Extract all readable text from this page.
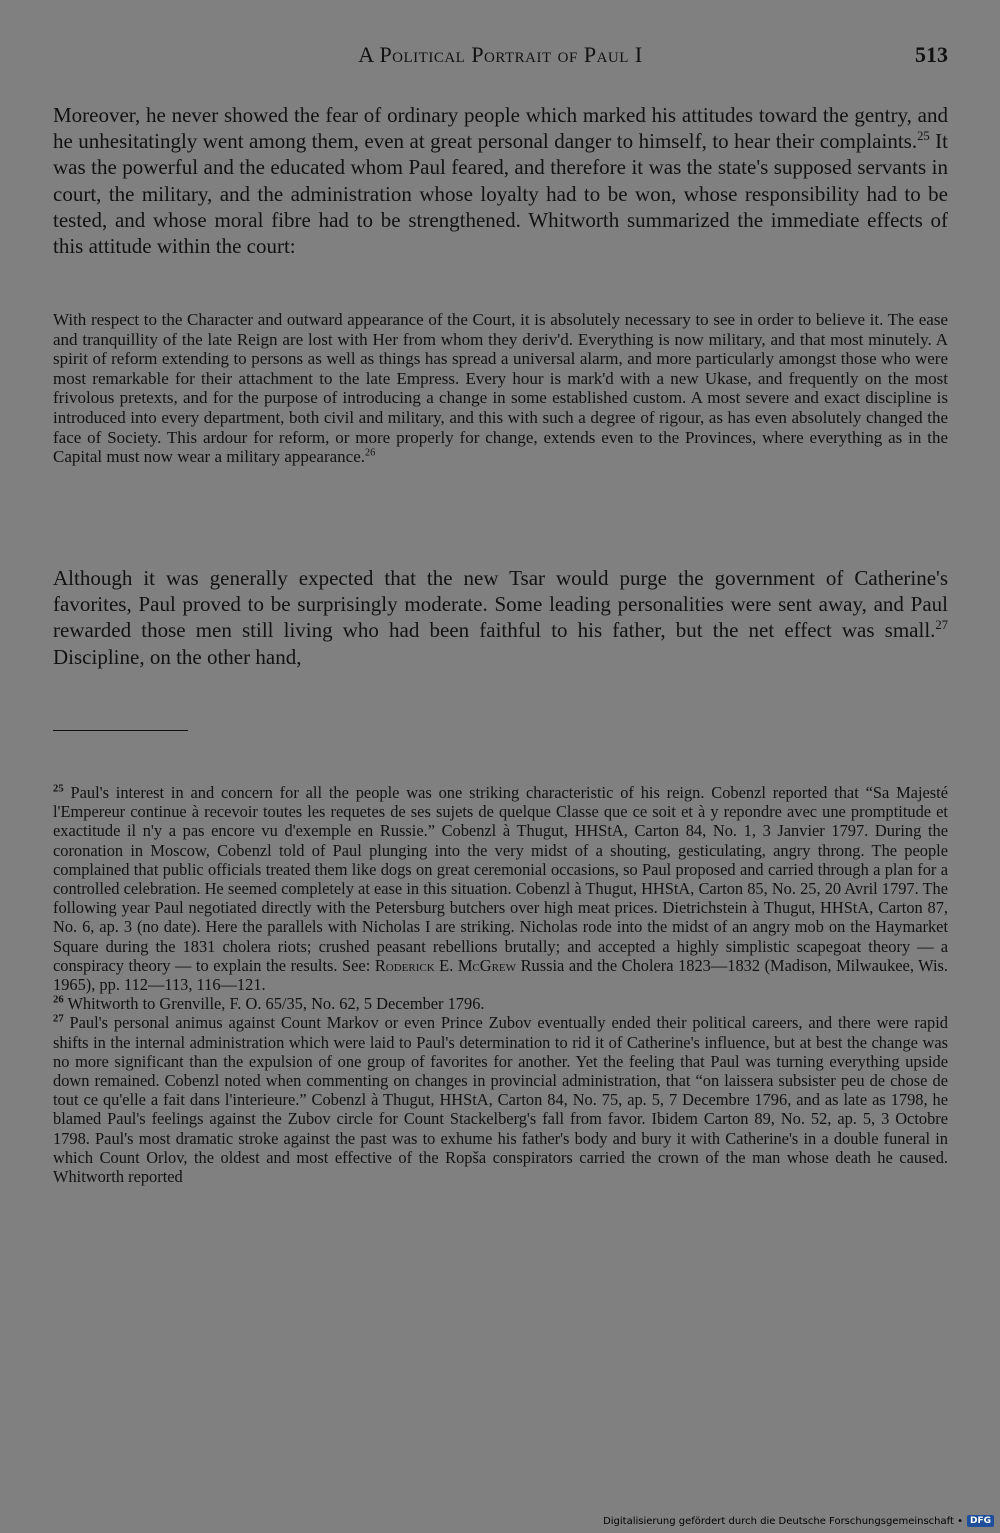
A Political Portrait of Paul I	513

Moreover, he never showed the fear of ordinary people which marked his attitudes toward the gentry, and he unhesitatingly went among them, even at great personal danger to himself, to hear their complaints.$^{25}$ It was the powerful and the educated whom Paul feared, and therefore it was the state's supposed servants in court, the military, and the administration whose loyalty had to be won, whose responsibility had to be tested, and whose moral fibre had to be strengthened. Whitworth summarized the immediate effects of this attitude within the court:

With respect to the Character and outward appearance of the Court, it is absolutely necessary to see in order to believe it. The ease and tranquillity of the late Reign are lost with Her from whom they deriv'd. Everything is now military, and that most minutely. A spirit of reform extending to persons as well as things has spread a universal alarm, and more particularly amongst those who were most remarkable for their attachment to the late Empress. Every hour is mark'd with a new Ukase, and frequently on the most frivolous pretexts, and for the purpose of introducing a change in some established custom. A most severe and exact discipline is introduced into every department, both civil and military, and this with such a degree of rigour, as has even absolutely changed the face of Society. This ardour for reform, or more properly for change, extends even to the Provinces, where everything as in the Capital must now wear a military appearance.$^{26}$

Although it was generally expected that the new Tsar would purge the government of Catherine's favorites, Paul proved to be surprisingly moderate. Some leading personalities were sent away, and Paul rewarded those men still living who had been faithful to his father, but the net effect was small.$^{27}$ Discipline, on the other hand,

$^{25}$ Paul's interest in and concern for all the people was one striking characteristic of his reign. Cobenzl reported that “Sa Majesté l'Empereur continue à recevoir toutes les requetes de ses sujets de quelque Classe que ce soit et à y repondre avec une promptitude et exactitude il n'y a pas encore vu d'exemple en Russie.” Cobenzl à Thugut, HHStA, Carton 84, No. 1, 3 Janvier 1797. During the coronation in Moscow, Cobenzl told of Paul plunging into the very midst of a shouting, gesticulating, angry throng. The people complained that public officials treated them like dogs on great ceremonial occasions, so Paul proposed and carried through a plan for a controlled celebration. He seemed completely at ease in this situation. Cobenzl à Thugut, HHStA, Carton 85, No. 25, 20 Avril 1797. The following year Paul negotiated directly with the Petersburg butchers over high meat prices. Dietrichstein à Thugut, HHStA, Carton 87, No. 6, ap. 3 (no date). Here the parallels with Nicholas I are striking. Nicholas rode into the midst of an angry mob on the Haymarket Square during the 1831 cholera riots; crushed peasant rebellions brutally; and accepted a highly simplistic scapegoat theory — a conspiracy theory — to explain the results. See: Roderick E. McGrew Russia and the Cholera 1823—1832 (Madison, Milwaukee, Wis. 1965), pp. 112—113, 116—121.

$^{26}$ Whitworth to Grenville, F. O. 65/35, No. 62, 5 December 1796.

$^{27}$ Paul's personal animus against Count Markov or even Prince Zubov eventually ended their political careers, and there were rapid shifts in the internal administration which were laid to Paul's determination to rid it of Catherine's influence, but at best the change was no more significant than the expulsion of one group of favorites for another. Yet the feeling that Paul was turning everything upside down remained. Cobenzl noted when commenting on changes in provincial administration, that “on laissera subsister peu de chose de tout ce qu'elle a fait dans l'interieure.” Cobenzl à Thugut, HHStA, Carton 84, No. 75, ap. 5, 7 Decembre 1796, and as late as 1798, he blamed Paul's feelings against the Zubov circle for Count Stackelberg's fall from favor. Ibidem Carton 89, No. 52, ap. 5, 3 Octobre 1798. Paul's most dramatic stroke against the past was to exhume his father's body and bury it with Catherine's in a double funeral in which Count Orlov, the oldest and most effective of the Ropša conspirators carried the crown of the man whose death he caused. Whitworth reported

Digitalisierung gefördert durch die Deutsche Forschungsgemeinschaft • DFG
